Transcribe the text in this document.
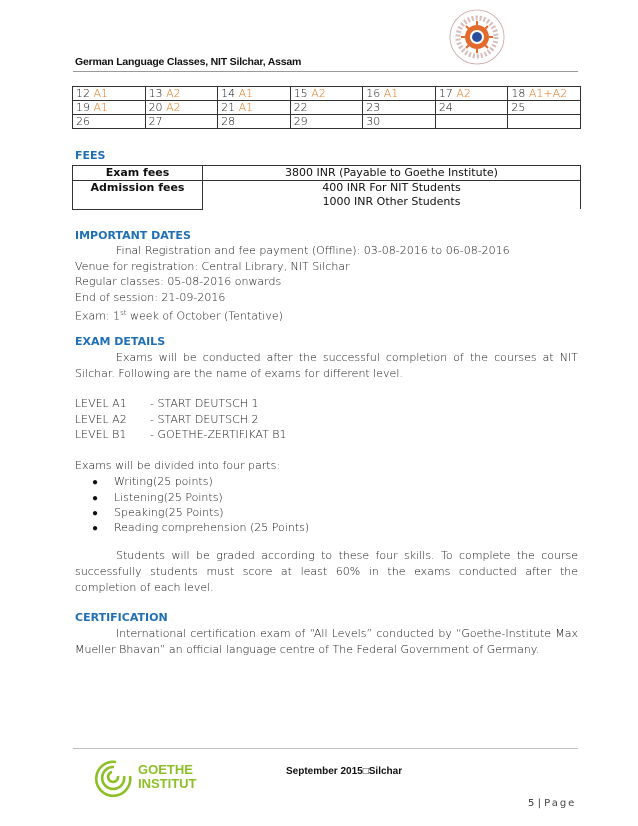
German Language Classes, NIT Silchar, Assam
12 A1	13 A2	14 A1	15 A2	16 A1	17 A2	18 A1+A2
19 A1	20 A2	21 A1	22	23	24	25
26	27	28	29	30		
FEES
Exam fees	3800 INR (Payable to Goethe Institute)
Admission fees	400 INR For NIT Students
1000 INR Other Students
IMPORTANT DATES
Final Registration and fee payment (Offline): 03-08-2016 to 06-08-2016
Venue for registration: Central Library, NIT Silchar
Regular classes: 05-08-2016 onwards
End of session: 21-09-2016
Exam: 1st week of October (Tentative)
EXAM DETAILS
Exams will be conducted after the successful completion of the courses at NIT Silchar. Following are the name of exams for different level.
LEVEL A1 - START DEUTSCH 1
LEVEL A2 - START DEUTSCH 2
LEVEL B1 - GOETHE-ZERTIFIKAT B1
Exams will be divided into four parts:
● Writing(25 points)
● Listening(25 Points)
● Speaking(25 Points)
● Reading comprehension (25 Points)
Students will be graded according to these four skills. To complete the course successfully students must score at least 60% in the exams conducted after the completion of each level.
CERTIFICATION
International certification exam of “All Levels” conducted by “Goethe-Institute Max Mueller Bhavan” an official language centre of The Federal Government of Germany.
GOETHE
INSTITUT
September 2015□Silchar
5 | Page
